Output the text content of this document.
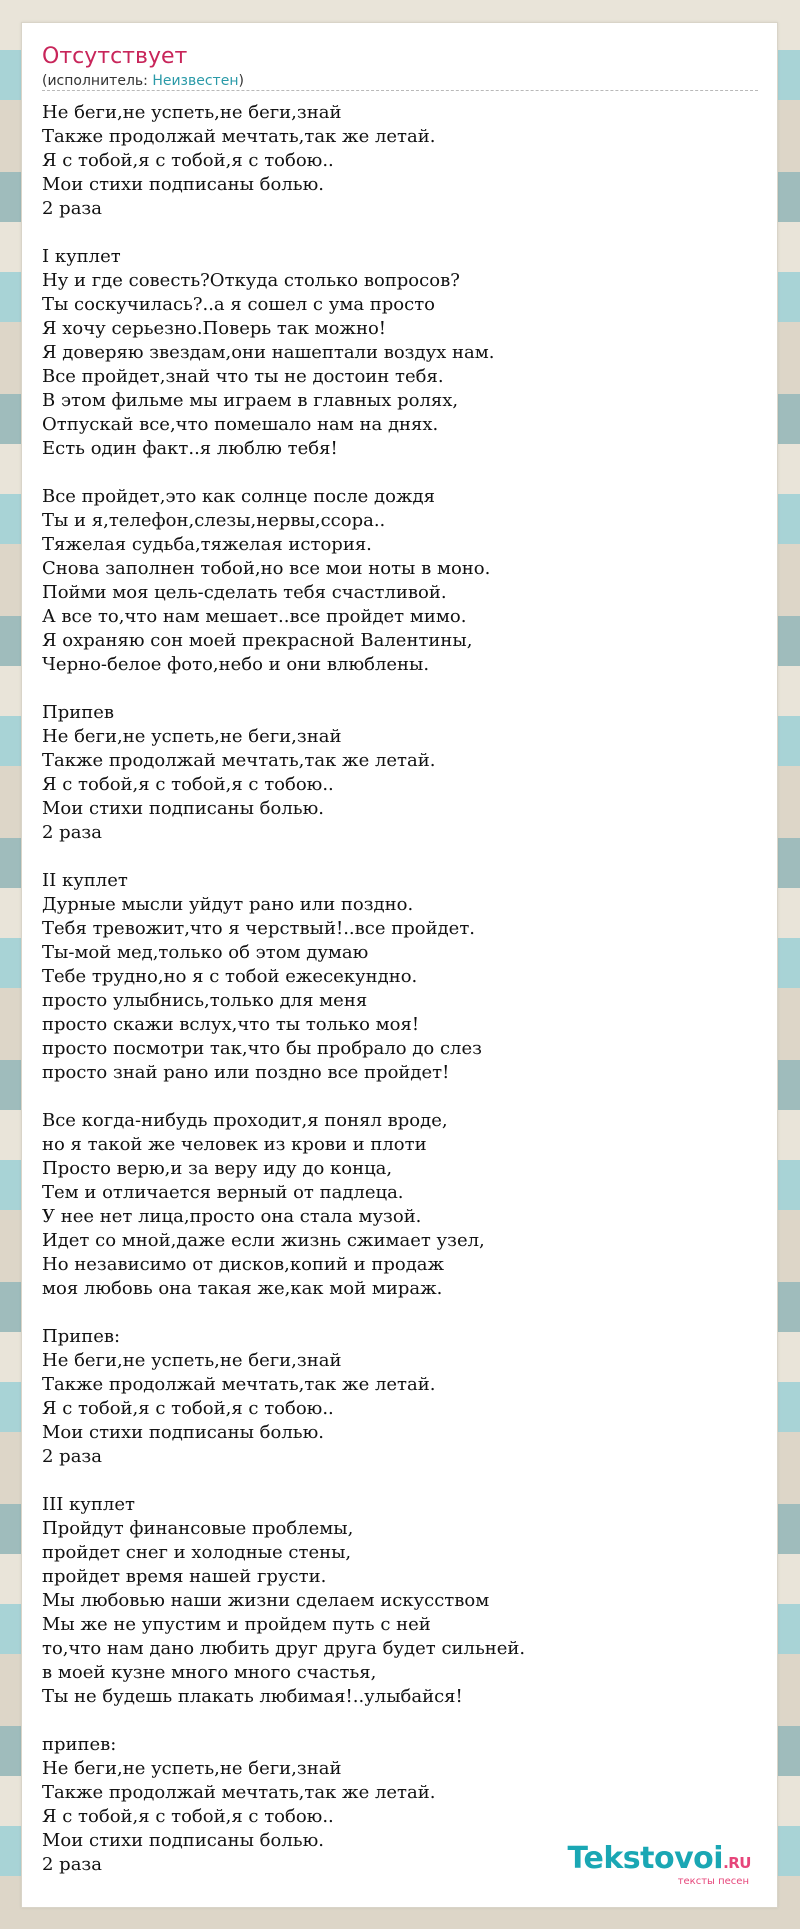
Отсутствует
(исполнитель: Неизвестен)
Не беги,не успеть,не беги,знай
Также продолжай мечтать,так же летай.
Я с тобой,я с тобой,я с тобою..
Мои стихи подписаны болью.
2 раза

I куплет
Ну и где совесть?Откуда столько вопросов?
Ты соскучилась?..а я сошел с ума просто
Я хочу серьезно.Поверь так можно!
Я доверяю звездам,они нашептали воздух нам.
Все пройдет,знай что ты не достоин тебя.
В этом фильме мы играем в главных ролях,
Отпускай все,что помешало нам на днях.
Есть один факт..я люблю тебя!

Все пройдет,это как солнце после дождя
Ты и я,телефон,слезы,нервы,ссора..
Тяжелая судьба,тяжелая история.
Снова заполнен тобой,но все мои ноты в моно.
Пойми моя цель-сделать тебя счастливой.
А все то,что нам мешает..все пройдет мимо.
Я охраняю сон моей прекрасной Валентины,
Черно-белое фото,небо и они влюблены.

Припев
Не беги,не успеть,не беги,знай
Также продолжай мечтать,так же летай.
Я с тобой,я с тобой,я с тобою..
Мои стихи подписаны болью.
2 раза

II куплет
Дурные мысли уйдут рано или поздно.
Тебя тревожит,что я черствый!..все пройдет.
Ты-мой мед,только об этом думаю
Тебе трудно,но я с тобой ежесекундно.
просто улыбнись,только для меня
просто скажи вслух,что ты только моя!
просто посмотри так,что бы пробрало до слез
просто знай рано или поздно все пройдет!

Все когда-нибудь проходит,я понял вроде,
но я такой же человек из крови и плоти
Просто верю,и за веру иду до конца,
Тем и отличается верный от падлеца.
У нее нет лица,просто она стала музой.
Идет со мной,даже если жизнь сжимает узел,
Но независимо от дисков,копий и продаж
моя любовь она такая же,как мой мираж.

Припев:
Не беги,не успеть,не беги,знай
Также продолжай мечтать,так же летай.
Я с тобой,я с тобой,я с тобою..
Мои стихи подписаны болью.
2 раза

III куплет
Пройдут финансовые проблемы,
пройдет снег и холодные стены,
пройдет время нашей грусти.
Мы любовью наши жизни сделаем искусством
Мы же не упустим и пройдем путь с ней
то,что нам дано любить друг друга будет сильней.
в моей кузне много много счастья,
Ты не будешь плакать любимая!..улыбайся!

припев:
Не беги,не успеть,не беги,знай
Также продолжай мечтать,так же летай.
Я с тобой,я с тобой,я с тобою..
Мои стихи подписаны болью.
2 раза	Tekstovoi.RU
тексты песен
